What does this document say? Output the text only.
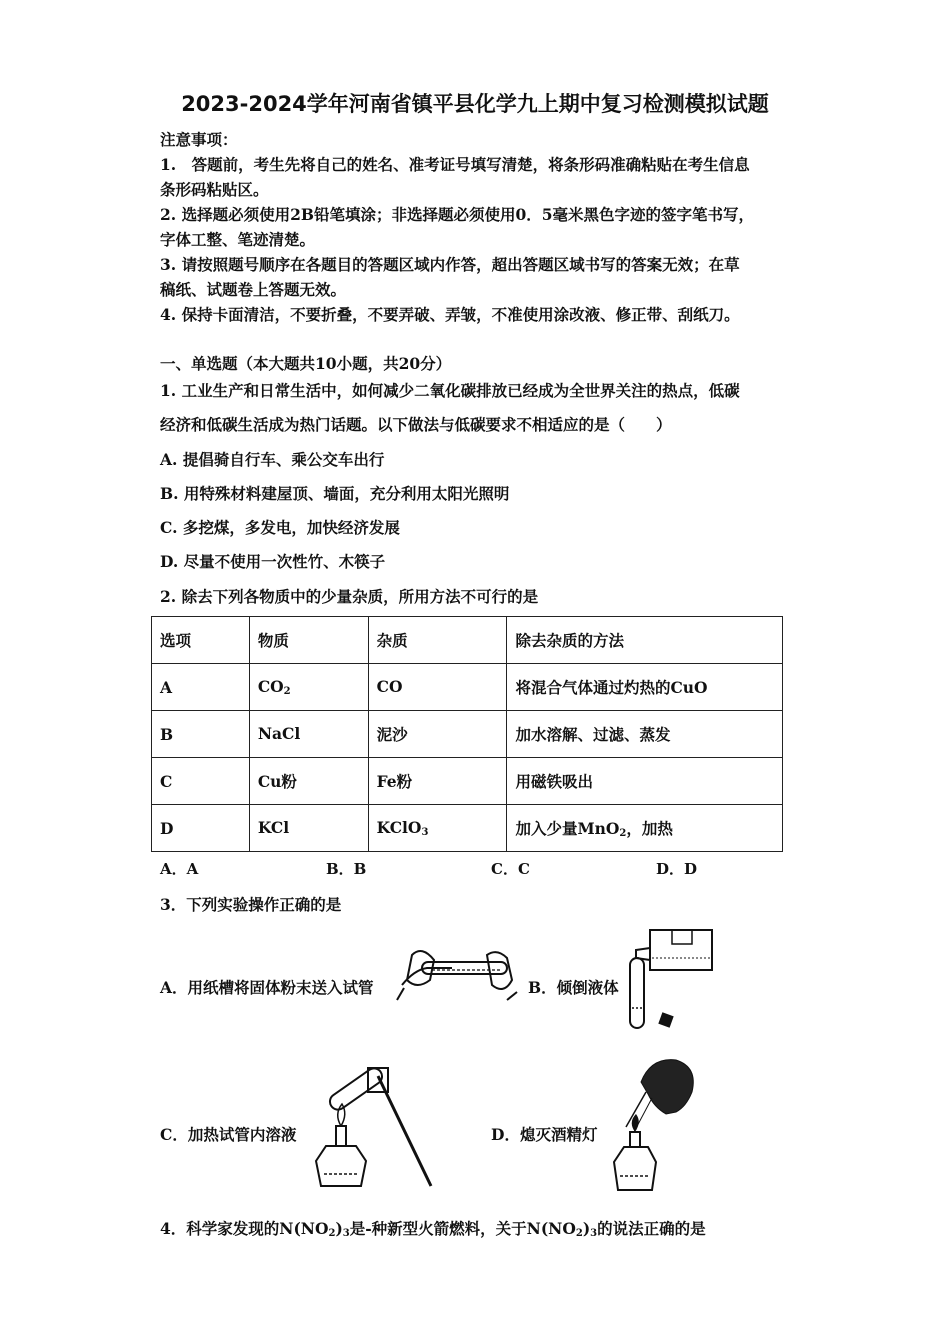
2023-2024学年河南省镇平县化学九上期中复习检测模拟试题
注意事项：
1.　答题前，考生先将自己的姓名、准考证号填写清楚，将条形码准确粘贴在考生信息
条形码粘贴区。
2. 选择题必须使用2B铅笔填涂；非选择题必须使用0．5毫米黑色字迹的签字笔书写，
字体工整、笔迹清楚。
3. 请按照题号顺序在各题目的答题区域内作答，超出答题区域书写的答案无效；在草
稿纸、试题卷上答题无效。
4. 保持卡面清洁，不要折叠，不要弄破、弄皱，不准使用涂改液、修正带、刮纸刀。
一、单选题（本大题共10小题，共20分）
1. 工业生产和日常生活中，如何减少二氧化碳排放已经成为全世界关注的热点，低碳
经济和低碳生活成为热门话题。以下做法与低碳要求不相适应的是（　　）
A. 提倡骑自行车、乘公交车出行
B. 用特殊材料建屋顶、墙面，充分利用太阳光照明
C. 多挖煤，多发电，加快经济发展
D. 尽量不使用一次性竹、木筷子
2. 除去下列各物质中的少量杂质，所用方法不可行的是
选项	物质	杂质	除去杂质的方法
A	$CO_2$	CO	将混合气体通过灼热的CuO
B	NaCl	泥沙	加水溶解、过滤、蒸发
C	Cu粉	Fe粉	用磁铁吸出
D	KCl	KClO$_3$	加入少量MnO$_2$，加热
A．A	B．B	C．C	D．D
3．下列实验操作正确的是
A．用纸槽将固体粉末送入试管	B．倾倒液体
C．加热试管内溶液	D．熄灭酒精灯
4．科学家发现的$N(NO_2)_3$是-种新型火箭燃料，关于$N(NO_2)_3$的说法正确的是
